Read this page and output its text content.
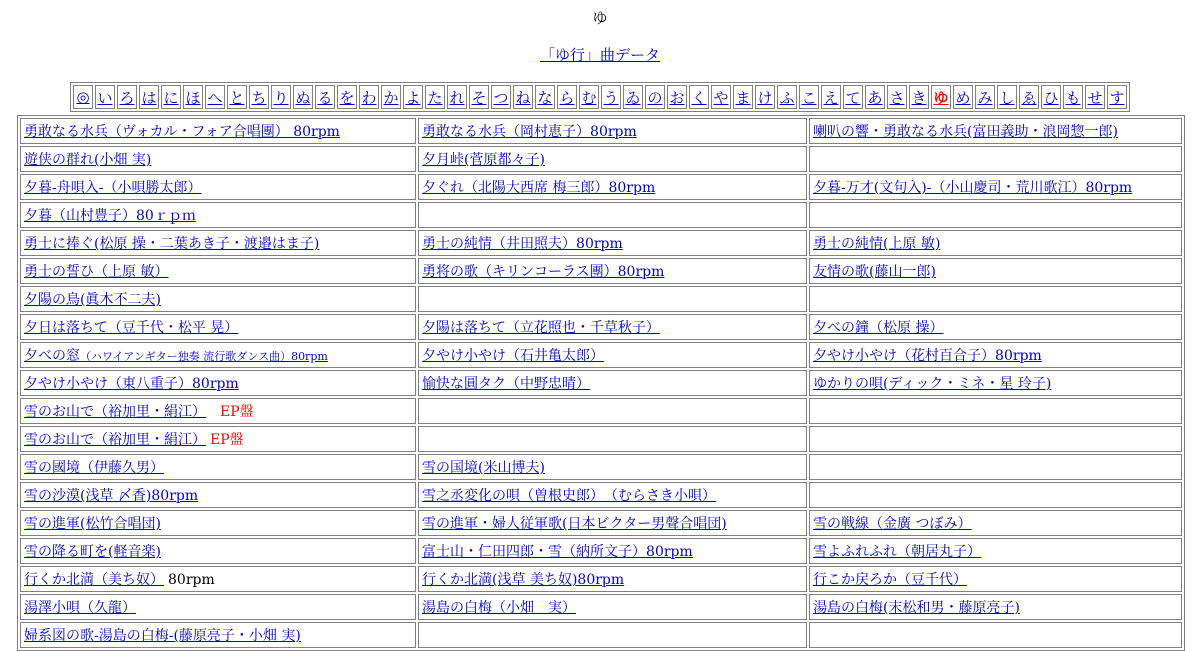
ゆ
「ゆ行」曲データ
◎ い ろ は に ほ へ と ち り ぬ る を わ か よ た れ そ つ ね な ら む う ゐ の お く や ま け ふ こ え て あ さ き ゆ め み し ゑ ひ も せ す
勇敢なる水兵（ヴォカル・フォア合唱團） 80rpm	勇敢なる水兵（岡村恵子）80rpm	喇叭の響・勇敢なる水兵(富田義助・浪岡惣一郎)
遊侠の群れ(小畑 実)	夕月峠(菅原都々子)	
夕暮-舟唄入-（小唄勝太郎）	夕ぐれ（北陽大西席 梅三郎）80rpm	夕暮-万才(文句入)-（小山慶司・荒川歌江）80rpm
夕暮（山村豊子）80ｒｐｍ		
勇士に捧ぐ(松原 操・二葉あき子・渡邉はま子)	勇士の純情（井田照夫）80rpm	勇士の純情(上原 敏)
勇士の誓ひ（上原 敏）	勇将の歌（キリンコーラス團）80rpm	友情の歌(藤山一郎)
夕陽の鳥(眞木不二夫)		
夕日は落ちて（豆千代・松平 晃）	夕陽は落ちて（立花照也・千草秋子）	夕べの鐘（松原 操）
夕べの窓（ハワイアンギター独奏 流行歌ダンス曲）80rpm	夕やけ小やけ（石井亀太郎）	夕やけ小やけ（花村百合子）80rpm
夕やけ小やけ（東八重子）80rpm	愉快な圓タク（中野忠晴）	ゆかりの唄(ディック・ミネ・星 玲子)
雪のお山で（裕加里・絹江） EP盤		
雪のお山で（裕加里・絹江） EP盤		
雪の國境（伊藤久男）	雪の国境(米山博夫)	
雪の沙漠(浅草 〆香)80rpm	雪之丞変化の唄（曽根史郎）　（むらさき小唄）	
雪の進軍(松竹合唱団)	雪の進軍・婦人従軍歌(日本ビクター男聲合唱団)	雪の戦線（金廣 つぼみ）
雪の降る町を(軽音楽)	富士山・仁田四郎・雪（納所文子）80rpm	雪よふれふれ（朝居丸子）
行くか北満（美ち奴） 80rpm	行くか北満(浅草 美ち奴)80rpm	行こか戻ろか（豆千代）
湯澤小唄（久龍）	湯島の白梅（小畑　実）	湯島の白梅(末松和男・藤原亮子)
婦系図の歌-湯島の白梅-(藤原亮子・小畑 実)		
